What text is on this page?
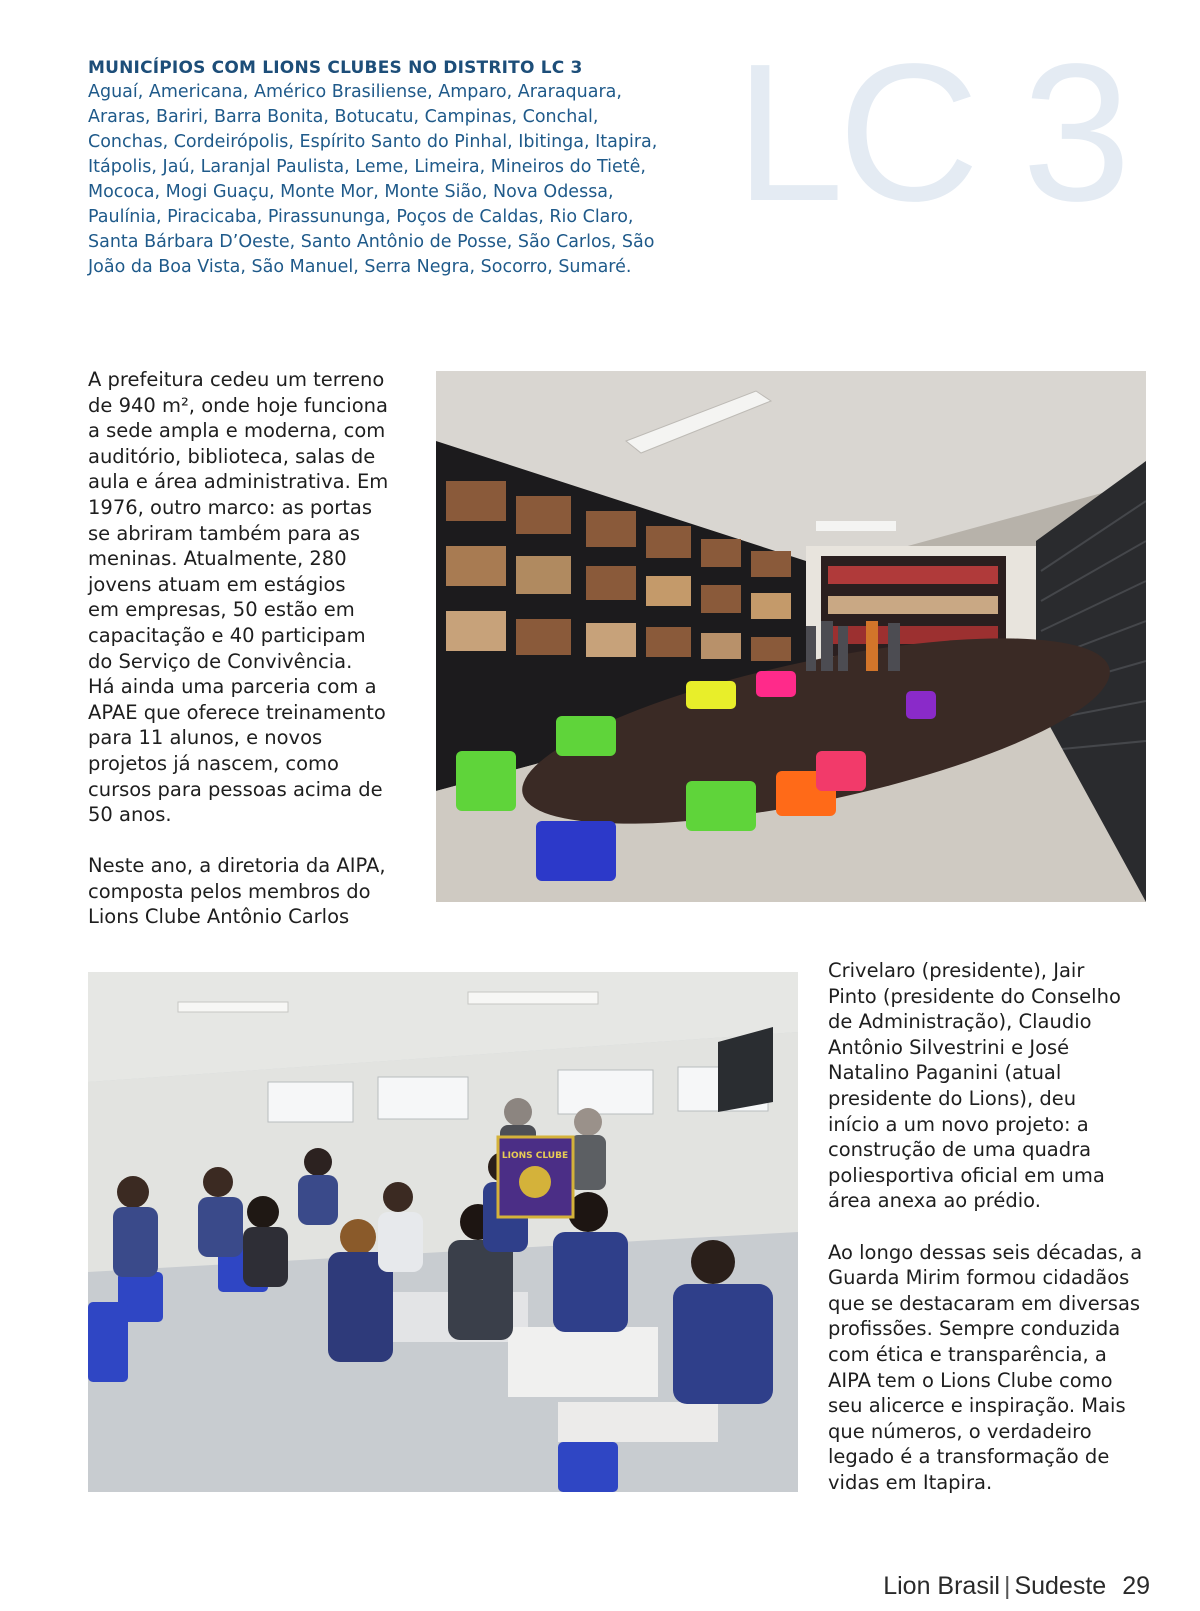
MUNICÍPIOS COM LIONS CLUBES NO DISTRITO LC 3
Aguaí, Americana, Américo Brasiliense, Amparo, Araraquara,
Araras, Bariri, Barra Bonita, Botucatu, Campinas, Conchal,
Conchas, Cordeirópolis, Espírito Santo do Pinhal, Ibitinga, Itapira,
Itápolis, Jaú, Laranjal Paulista, Leme, Limeira, Mineiros do Tietê,
Mococa, Mogi Guaçu, Monte Mor, Monte Sião, Nova Odessa,
Paulínia, Piracicaba, Pirassununga, Poços de Caldas, Rio Claro,
Santa Bárbara D’Oeste, Santo Antônio de Posse, São Carlos, São
João da Boa Vista, São Manuel, Serra Negra, Socorro, Sumaré.
LC 3
A prefeitura cedeu um terreno
de 940 m², onde hoje funciona
a sede ampla e moderna, com
auditório, biblioteca, salas de
aula e área administrativa. Em
1976, outro marco: as portas
se abriram também para as
meninas. Atualmente, 280
jovens atuam em estágios
em empresas, 50 estão em
capacitação e 40 participam
do Serviço de Convivência.
Há ainda uma parceria com a
APAE que oferece treinamento
para 11 alunos, e novos
projetos já nascem, como
cursos para pessoas acima de
50 anos.

Neste ano, a diretoria da AIPA,
composta pelos membros do
Lions Clube Antônio Carlos
LIONS CLUBE
Crivelaro (presidente), Jair
Pinto (presidente do Conselho
de Administração), Claudio
Antônio Silvestrini e José
Natalino Paganini (atual
presidente do Lions), deu
início a um novo projeto: a
construção de uma quadra
poliesportiva oficial em uma
área anexa ao prédio.

Ao longo dessas seis décadas, a
Guarda Mirim formou cidadãos
que se destacaram em diversas
profissões. Sempre conduzida
com ética e transparência, a
AIPA tem o Lions Clube como
seu alicerce e inspiração. Mais
que números, o verdadeiro
legado é a transformação de
vidas em Itapira.
Lion Brasil | Sudeste 29
